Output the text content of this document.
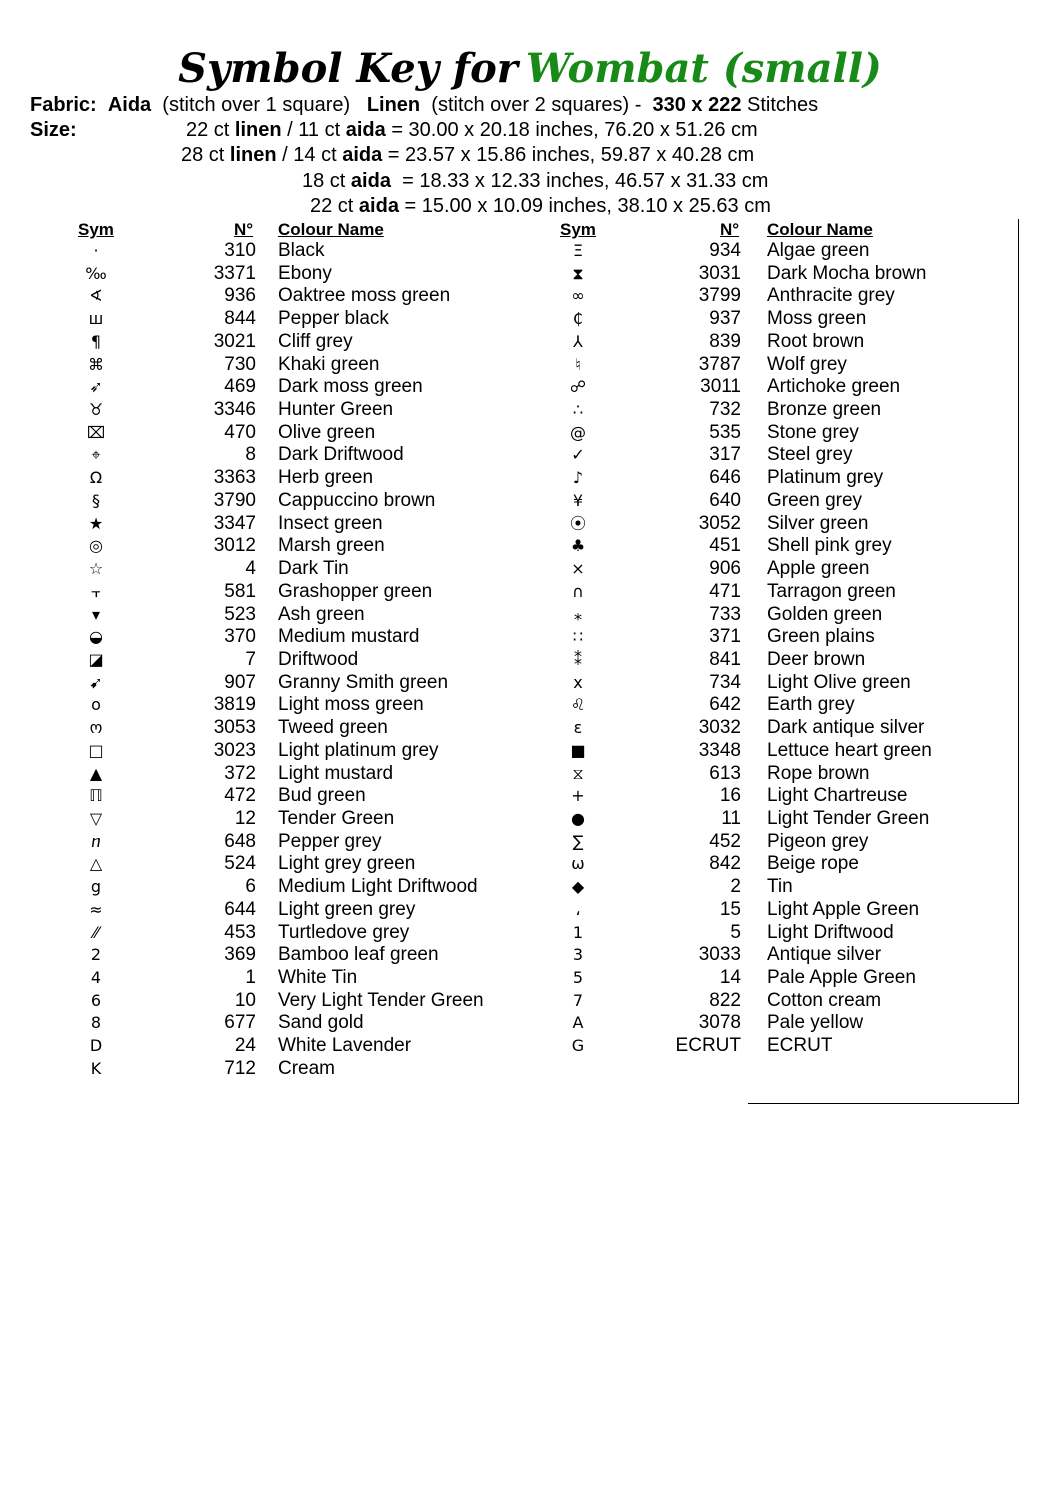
Symbol Key for Wombat (small)
Fabric: Aida (stitch over 1 square) Linen (stitch over 2 squares) - 330 x 222 Stitches
Size:	22 ct linen / 11 ct aida = 30.00 x 20.18 inches, 76.20 x 51.26 cm
28 ct linen / 14 ct aida = 23.57 x 15.86 inches, 59.87 x 40.28 cm
18 ct aida = 18.33 x 12.33 inches, 46.57 x 31.33 cm
22 ct aida = 15.00 x 10.09 inches, 38.10 x 25.63 cm
Sym	N° Colour Name	Sym	N° Colour Name
·	310 Black
‰	3371 Ebony
∢	936 Oaktree moss green
ш	844 Pepper black
¶	3021 Cliff grey
⌘	730 Khaki green
➶	469 Dark moss green
♉	3346 Hunter Green
⌧	470 Olive green
⌖	8 Dark Driftwood
Ω	3363 Herb green
§	3790 Cappuccino brown
★	3347 Insect green
◎	3012 Marsh green
☆	4 Dark Tin
⫟	581 Grashopper green
▾	523 Ash green
◒	370 Medium mustard
◪	7 Driftwood
➹	907 Granny Smith green
o	3819 Light moss green
ო	3053 Tweed green
□	3023 Light platinum grey
▲	372 Light mustard
ℿ	472 Bud green
▽	12 Tender Green
ⴖ	648 Pepper grey
△	524 Light grey green
g	6 Medium Light Driftwood
≈	644 Light green grey
⁄⁄	453 Turtledove grey
2	369 Bamboo leaf green
4	1 White Tin
6	10 Very Light Tender Green
8	677 Sand gold
D	24 White Lavender
K	712 Cream
Ξ	934 Algae green
⧗	3031 Dark Mocha brown
∞	3799 Anthracite grey
₵	937 Moss green
⅄	839 Root brown
♮	3787 Wolf grey
☍	3011 Artichoke green
∴	732 Bronze green
@	535 Stone grey
✓	317 Steel grey
♪	646 Platinum grey
¥	640 Green grey
⦿	3052 Silver green
♣	451 Shell pink grey
⨯	906 Apple green
∩	471 Tarragon green
⁎	733 Golden green
∷	371 Green plains
⁑	841 Deer brown
x	734 Light Olive green
♌	642 Earth grey
ε	3032 Dark antique silver
■	3348 Lettuce heart green
⧖	613 Rope brown
+	16 Light Chartreuse
●	11 Light Tender Green
∑	452 Pigeon grey
ω	842 Beige rope
◆	2 Tin
،	15 Light Apple Green
1	5 Light Driftwood
3	3033 Antique silver
5	14 Pale Apple Green
7	822 Cotton cream
A	3078 Pale yellow
G	ECRUT ECRUT
